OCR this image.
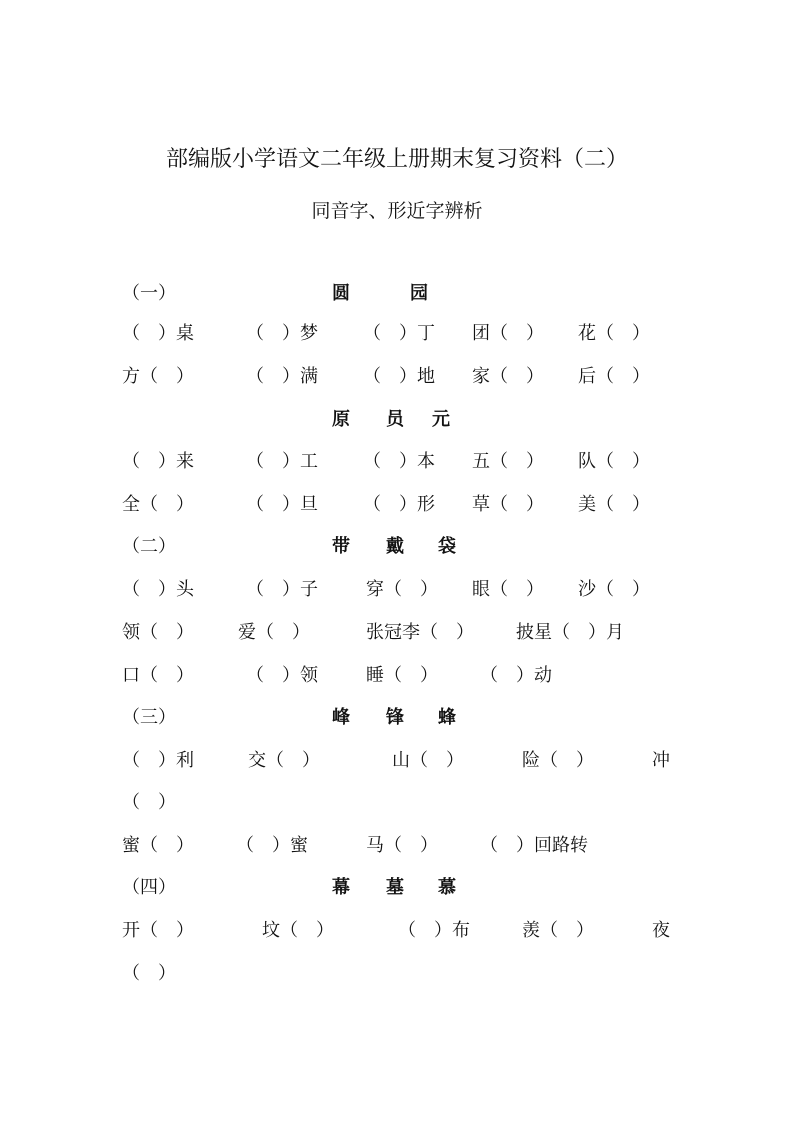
部编版小学语文二年级上册期末复习资料（二）
同音字、形近字辨析
（一）	圆	园
（　）桌	（　）梦	（　）丁 团（　） 花（　）
方（　）	（　）满	（　）地 家（　） 后（　）
原 员 元
（　）来	（　）工	（　）本 五（　） 队（　）
全（　）	（　）旦	（　）形 草（　） 美（　）
（二）	带 戴 袋
（　）头	（　）子	穿（　） 眼（　） 沙（　）
领（　） 爱（　）	张冠李（　） 披星（　）月
口（　）	（　）领	睡（　） （　）动
（三）	峰 锋 蜂
（　）利	交（　）	山（　）	险（　）	冲
（　）
蜜（　） （　）蜜	马（　） （　）回路转
（四）	幕 墓 慕
开（　）	坟（　）	（　）布	羡（　）	夜
（　）
